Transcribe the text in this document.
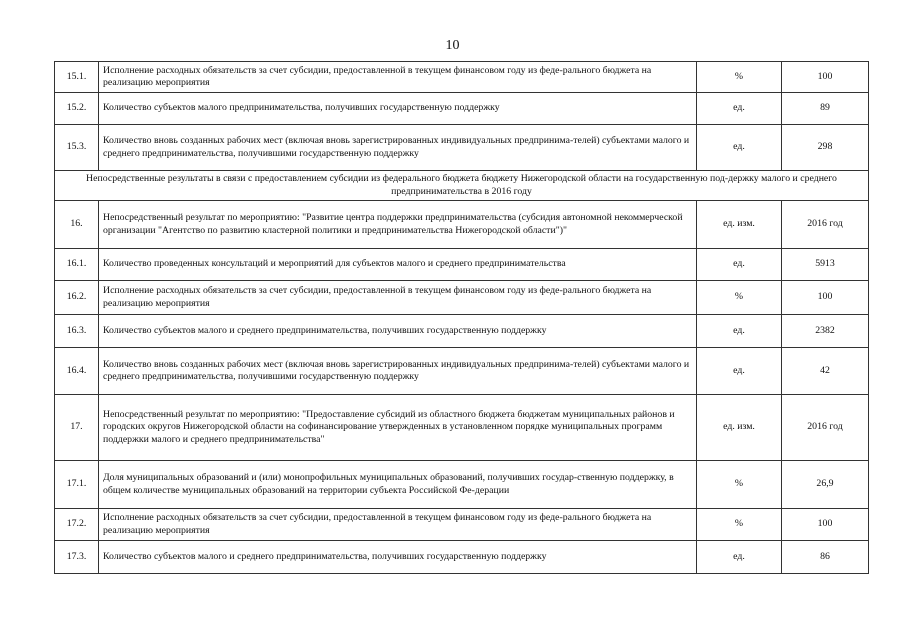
10
15.1.	Исполнение расходных обязательств за счет субсидии, предоставленной в текущем финансовом году из феде-ральнoго бюджета на реализацию мероприятия	%	100
15.2.	Количество субъектов малого предпринимательства, получивших государственную поддержку	ед.	89
15.3.	Количество вновь созданных рабочих мест (включая вновь зарегистрированных индивидуальных предпринима-телей) субъектами малого и среднего предпринимательства, получившими государственную поддержку	ед.	298
Непосредственные результаты в связи с предоставлением субсидии из федерального бюджета бюджету Нижегородской области на государственную под-держку малого и среднего предпринимательства в 2016 году			
16.	Непосредственный результат по мероприятию: "Развитие центра поддержки предпринимательства (субсидия автономной некоммерческой организации "Агентство по развитию кластерной политики и предпринимательства Нижегородской области")"	ед. изм.	2016 год
16.1.	Количество проведенных консультаций и мероприятий для субъектов малого и среднего предпринимательства	ед.	5913
16.2.	Исполнение расходных обязательств за счет субсидии, предоставленной в текущем финансовом году из феде-рального бюджета на реализацию мероприятия	%	100
16.3.	Количество субъектов малого и среднего предпринимательства, получивших государственную поддержку	ед.	2382
16.4.	Количество вновь созданных рабочих мест (включая вновь зарегистрированных индивидуальных предпринима-телей) субъектами малого и среднего предпринимательства, получившими государственную поддержку	ед.	42
17.	Непосредственный результат по мероприятию: "Предоставление субсидий из областного бюджета бюджетам муниципальных районов и городских округов Нижегородской области на софинансирование утвержденных в установленном порядке муниципальных программ поддержки малого и среднего предпринимательства"	ед. изм.	2016 год
17.1.	Доля муниципальных образований и (или) монопрофильных муниципальных образований, получивших государ-ственную поддержку, в общем количестве муниципальных образований на территории субъекта Российской Фе-дерации	%	26,9
17.2.	Исполнение расходных обязательств за счет субсидии, предоставленной в текущем финансовом году из феде-рального бюджета на реализацию мероприятия	%	100
17.3.	Количество субъектов малого и среднего предпринимательства, получивших государственную поддержку	ед.	86
